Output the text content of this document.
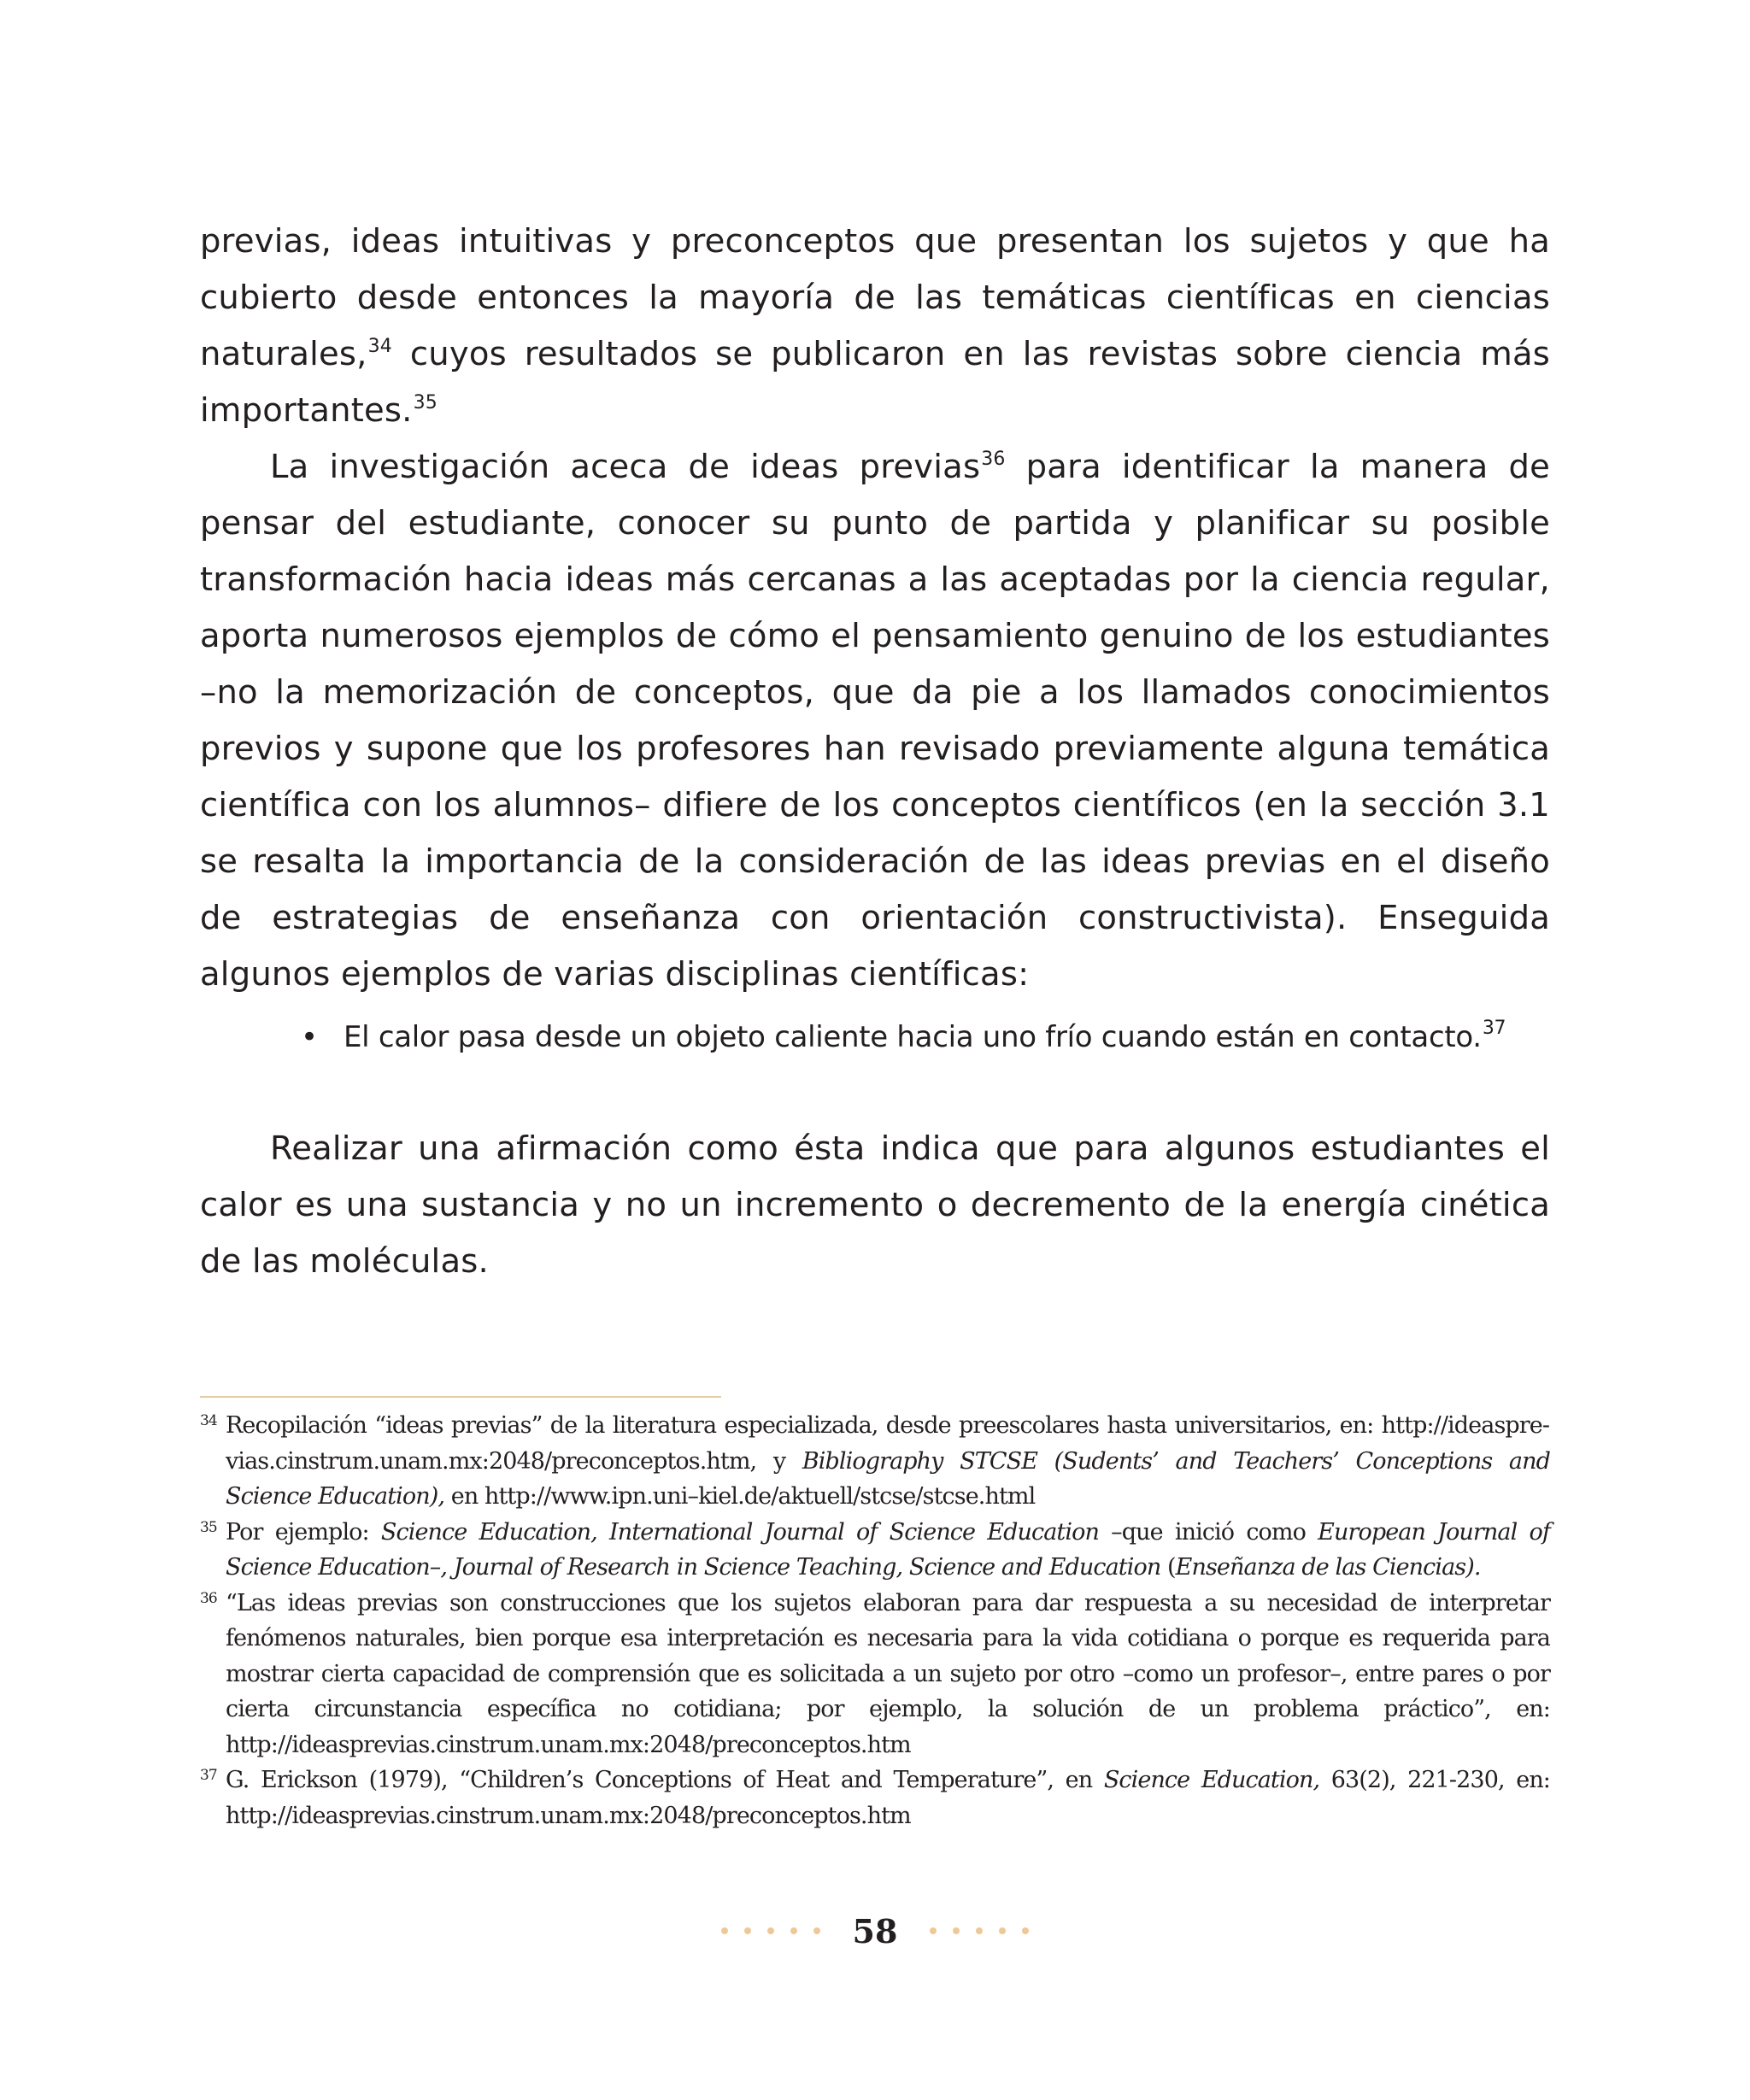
previas, ideas intuitivas y preconceptos que presentan los sujetos y que ha cubierto desde entonces la mayoría de las temáticas científicas en ciencias naturales,$^{34}$ cuyos resultados se publicaron en las revistas sobre ciencia más importantes.$^{35}$

La investigación aceca de ideas previas$^{36}$ para identificar la manera de pensar del estudiante, conocer su punto de partida y planificar su posible transformación hacia ideas más cercanas a las aceptadas por la ciencia regular, aporta numerosos ejemplos de cómo el pensamiento genuino de los estudiantes –no la memorización de conceptos, que da pie a los llamados conocimientos previos y supone que los profesores han revisado previamente alguna temática científica con los alumnos– difiere de los conceptos científicos (en la sección 3.1 se resalta la importancia de la consideración de las ideas previas en el diseño de estrategias de enseñanza con orientación constructivista). Enseguida algunos ejemplos de varias disciplinas científicas:

• El calor pasa desde un objeto caliente hacia uno frío cuando están en contacto.$^{37}$

Realizar una afirmación como ésta indica que para algunos estudiantes el calor es una sustancia y no un incremento o decremento de la energía cinética de las moléculas.

34 Recopilación “ideas previas” de la literatura especializada, desde preescolares hasta universitarios, en: http://ideasprevias.cinstrum.unam.mx:2048/preconceptos.htm, y Bibliography STCSE (Sudents’ and Teachers’ Conceptions and Science Education), en http://www.ipn.uni–kiel.de/aktuell/stcse/stcse.html
35 Por ejemplo: Science Education, International Journal of Science Education –que inició como European Journal of Science Education–, Journal of Research in Science Teaching, Science and Education (Enseñanza de las Ciencias).
36 “Las ideas previas son construcciones que los sujetos elaboran para dar respuesta a su necesidad de interpretar fenómenos naturales, bien porque esa interpretación es necesaria para la vida cotidiana o porque es requerida para mostrar cierta capacidad de comprensión que es solicitada a un sujeto por otro –como un profesor–, entre pares o por cierta circunstancia específica no cotidiana; por ejemplo, la solución de un problema práctico”, en: http://ideasprevias.cinstrum.unam.mx:2048/preconceptos.htm
37 G. Erickson (1979), “Children’s Conceptions of Heat and Temperature”, en Science Education, 63(2), 221-230, en: http://ideasprevias.cinstrum.unam.mx:2048/preconceptos.htm
58
